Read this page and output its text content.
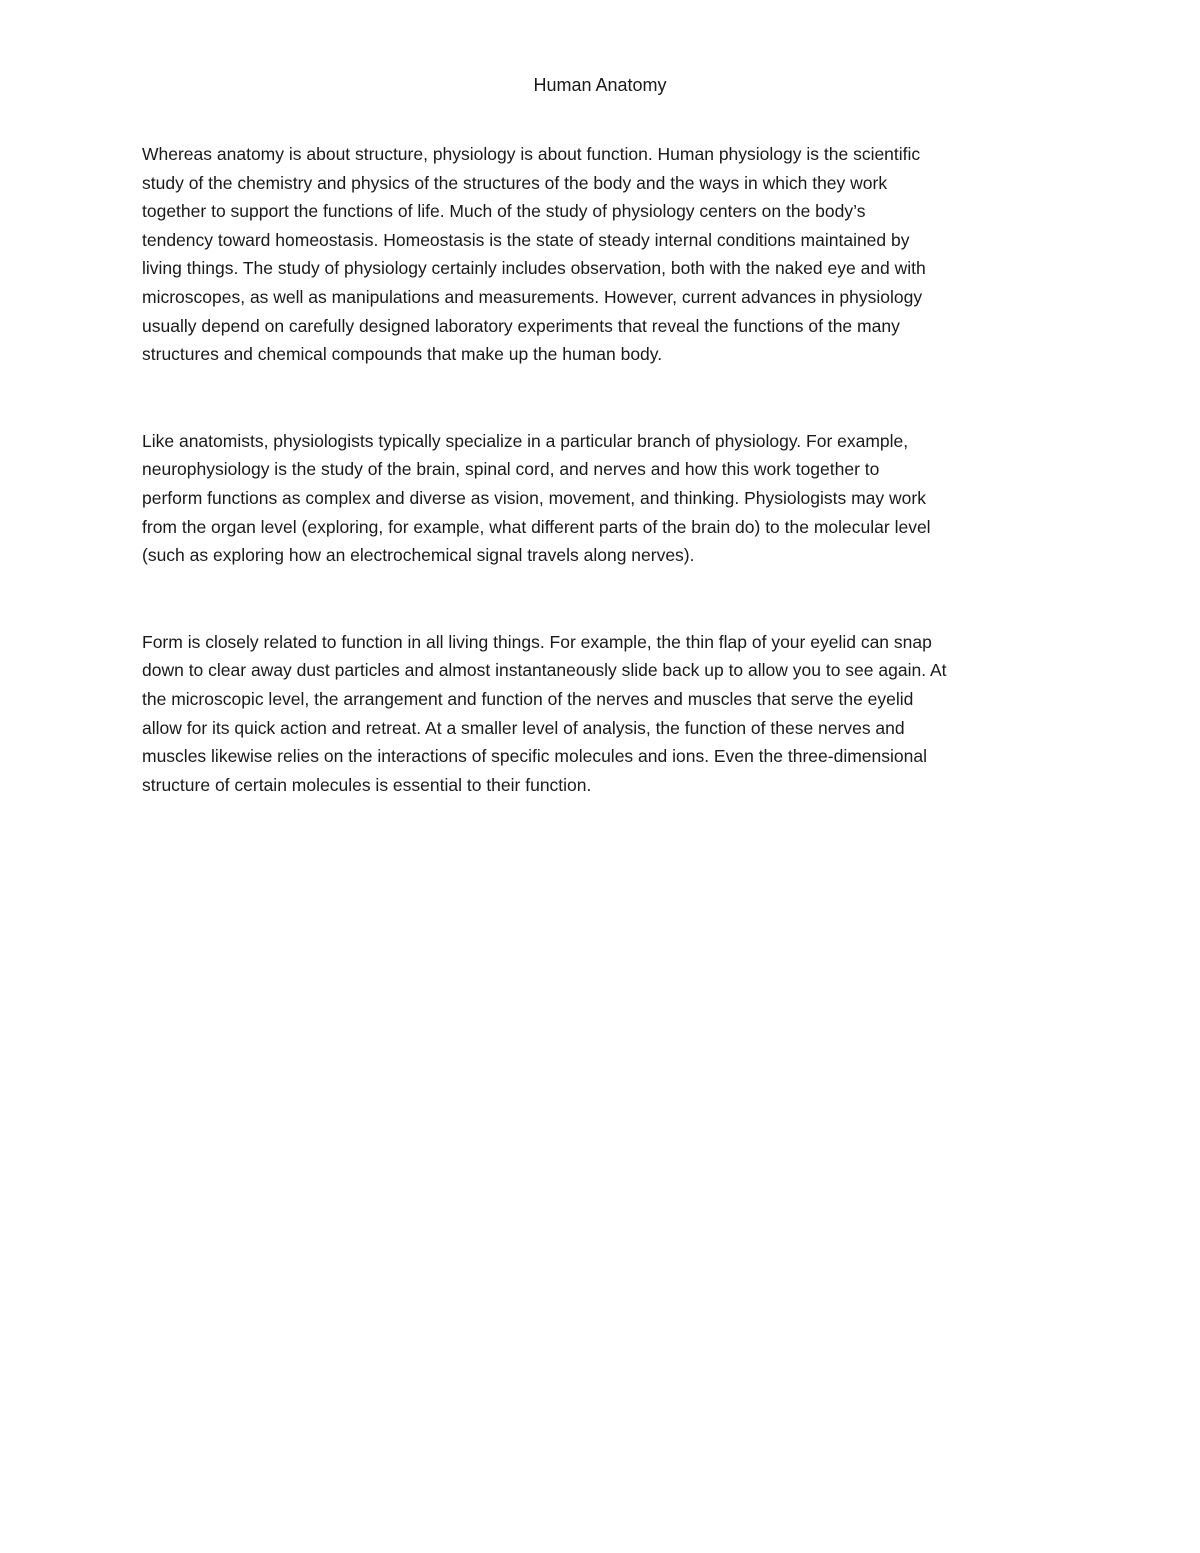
Human Anatomy

Whereas anatomy is about structure, physiology is about function. Human physiology is the scientific
study of the chemistry and physics of the structures of the body and the ways in which they work
together to support the functions of life. Much of the study of physiology centers on the body’s
tendency toward homeostasis. Homeostasis is the state of steady internal conditions maintained by
living things. The study of physiology certainly includes observation, both with the naked eye and with
microscopes, as well as manipulations and measurements. However, current advances in physiology
usually depend on carefully designed laboratory experiments that reveal the functions of the many
structures and chemical compounds that make up the human body.

Like anatomists, physiologists typically specialize in a particular branch of physiology. For example,
neurophysiology is the study of the brain, spinal cord, and nerves and how this work together to
perform functions as complex and diverse as vision, movement, and thinking. Physiologists may work
from the organ level (exploring, for example, what different parts of the brain do) to the molecular level
(such as exploring how an electrochemical signal travels along nerves).

Form is closely related to function in all living things. For example, the thin flap of your eyelid can snap
down to clear away dust particles and almost instantaneously slide back up to allow you to see again. At
the microscopic level, the arrangement and function of the nerves and muscles that serve the eyelid
allow for its quick action and retreat. At a smaller level of analysis, the function of these nerves and
muscles likewise relies on the interactions of specific molecules and ions. Even the three-dimensional
structure of certain molecules is essential to their function.
